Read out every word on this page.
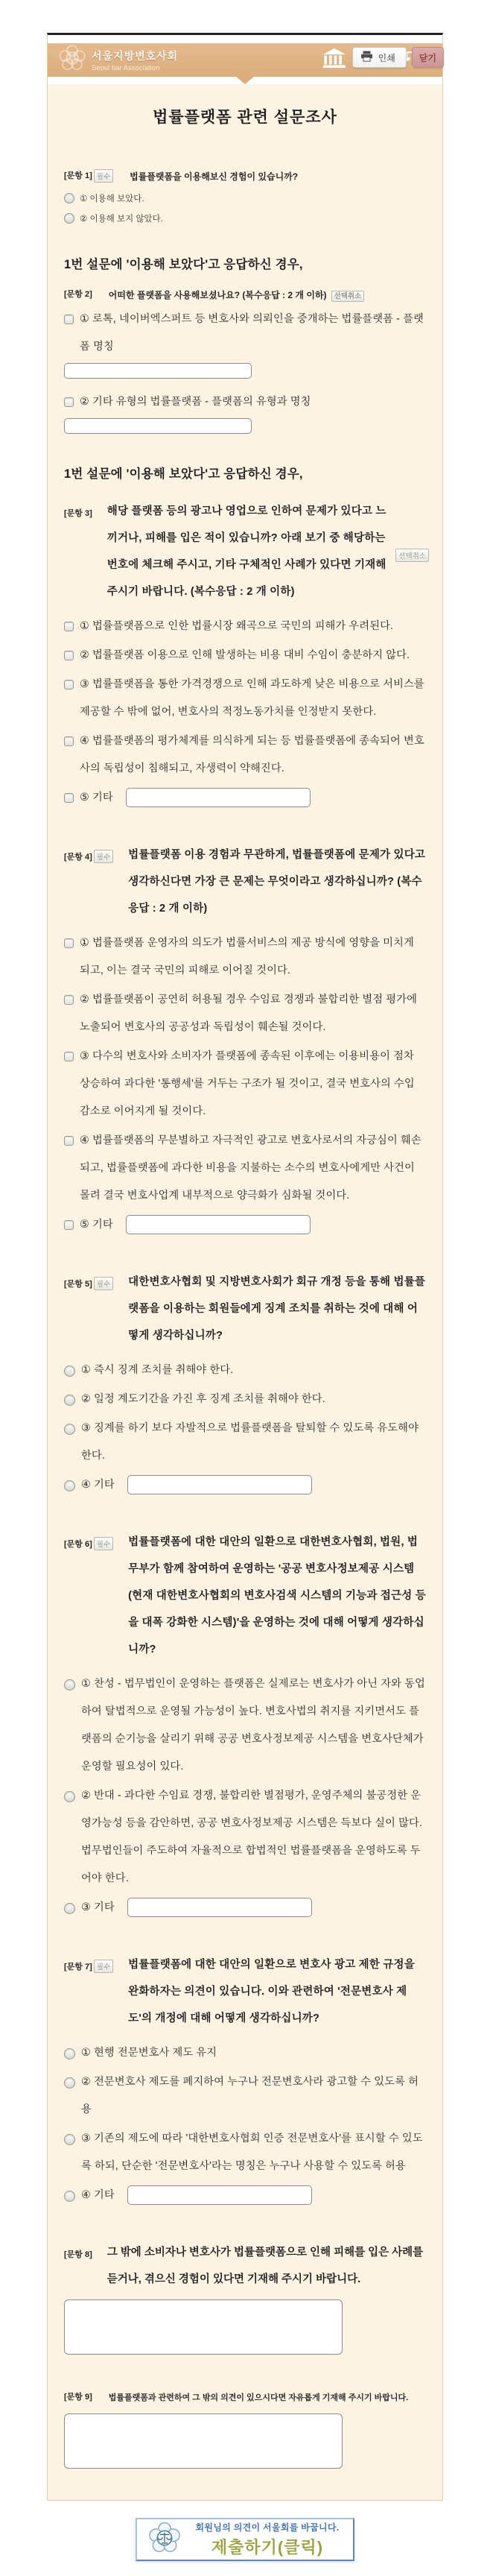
인쇄	닫기
서울지방변호사회
Seoul bar Association
법률플랫폼 관련 설문조사
[문항 1] 필수	법률플랫폼을 이용해보신 경험이 있습니까?
① 이용해 보았다.
② 이용해 보지 않았다.
1번 설문에 '이용해 보았다'고 응답하신 경우,
[문항 2] 어떠한 플랫폼을 사용해보셨나요? (복수응답 : 2 개 이하) 선택취소
① 로톡, 네이버엑스퍼트 등 변호사와 의뢰인을 중개하는 법률플랫폼 - 플랫폼 명칭
② 기타 유형의 법률플랫폼 - 플랫폼의 유형과 명칭
1번 설문에 '이용해 보았다'고 응답하신 경우,
[문항 3] 해당 플랫폼 등의 광고나 영업으로 인하여 문제가 있다고 느끼거나, 피해를 입은 적이 있습니까? 아래 보기 중 해당하는 번호에 체크해 주시고, 기타 구체적인 사례가 있다면 기재해 주시기 바랍니다. (복수응답 : 2 개 이하)
선택취소
① 법률플랫폼으로 인한 법률시장 왜곡으로 국민의 피해가 우려된다.
② 법률플랫폼 이용으로 인해 발생하는 비용 대비 수임이 충분하지 않다.
③ 법률플랫폼을 통한 가격경쟁으로 인해 과도하게 낮은 비용으로 서비스를 제공할 수 밖에 없어, 변호사의 적정노동가치를 인정받지 못한다.
④ 법률플랫폼의 평가체계를 의식하게 되는 등 법률플랫폼에 종속되어 변호사의 독립성이 침해되고, 자생력이 약해진다.
⑤ 기타
[문항 4] 필수 법률플랫폼 이용 경험과 무관하게, 법률플랫폼에 문제가 있다고 생각하신다면 가장 큰 문제는 무엇이라고 생각하십니까? (복수응답 : 2 개 이하)
① 법률플랫폼 운영자의 의도가 법률서비스의 제공 방식에 영향을 미치게 되고, 이는 결국 국민의 피해로 이어질 것이다.
② 법률플랫폼이 공연히 허용될 경우 수임료 경쟁과 불합리한 별점 평가에 노출되어 변호사의 공공성과 독립성이 훼손될 것이다.
③ 다수의 변호사와 소비자가 플랫폼에 종속된 이후에는 이용비용이 점차 상승하여 과다한 '통행세'를 거두는 구조가 될 것이고, 결국 변호사의 수입 감소로 이어지게 될 것이다.
④ 법률플랫폼의 무분별하고 자극적인 광고로 변호사로서의 자긍심이 훼손되고, 법률플랫폼에 과다한 비용을 지불하는 소수의 변호사에게만 사건이 몰려 결국 변호사업계 내부적으로 양극화가 심화될 것이다.
⑤ 기타
[문항 5] 필수 대한변호사협회 및 지방변호사회가 회규 개정 등을 통해 법률플랫폼을 이용하는 회원들에게 징계 조치를 취하는 것에 대해 어떻게 생각하십니까?
① 즉시 징계 조치를 취해야 한다.
② 일정 계도기간을 가진 후 징계 조치를 취해야 한다.
③ 징계를 하기 보다 자발적으로 법률플랫폼을 탈퇴할 수 있도록 유도해야 한다.
④ 기타
[문항 6] 필수 법률플랫폼에 대한 대안의 일환으로 대한변호사협회, 법원, 법무부가 함께 참여하여 운영하는 '공공 변호사정보제공 시스템(현재 대한변호사협회의 변호사검색 시스템의 기능과 접근성 등을 대폭 강화한 시스템)'을 운영하는 것에 대해 어떻게 생각하십니까?
① 찬성 - 법무법인이 운영하는 플랫폼은 실제로는 변호사가 아닌 자와 동업하여 탈법적으로 운영될 가능성이 높다. 변호사법의 취지를 지키면서도 플랫폼의 순기능을 살리기 위해 공공 변호사정보제공 시스템을 변호사단체가 운영할 필요성이 있다.
② 반대 - 과다한 수임료 경쟁, 불합리한 별점평가, 운영주체의 불공정한 운영가능성 등을 감안하면, 공공 변호사정보제공 시스템은 득보다 실이 많다. 법무법인들이 주도하여 자율적으로 합법적인 법률플랫폼을 운영하도록 두어야 한다.
③ 기타
[문항 7] 필수 법률플랫폼에 대한 대안의 일환으로 변호사 광고 제한 규정을 완화하자는 의견이 있습니다. 이와 관련하여 '전문변호사 제도'의 개정에 대해 어떻게 생각하십니까?
① 현행 전문변호사 제도 유지
② 전문변호사 제도를 폐지하여 누구나 전문변호사라 광고할 수 있도록 허용
③ 기존의 제도에 따라 '대한변호사협회 인증 전문변호사'를 표시할 수 있도록 하되, 단순한 '전문변호사'라는 명칭은 누구나 사용할 수 있도록 허용
④ 기타
[문항 8] 그 밖에 소비자나 변호사가 법률플랫폼으로 인해 피해를 입은 사례를 듣거나, 겪으신 경험이 있다면 기재해 주시기 바랍니다.
[문항 9] 법률플랫폼과 관련하여 그 밖의 의견이 있으시다면 자유롭게 기재해 주시기 바랍니다.
회원님의 의견이 서울회를 바꿉니다.
제출하기(클릭)
